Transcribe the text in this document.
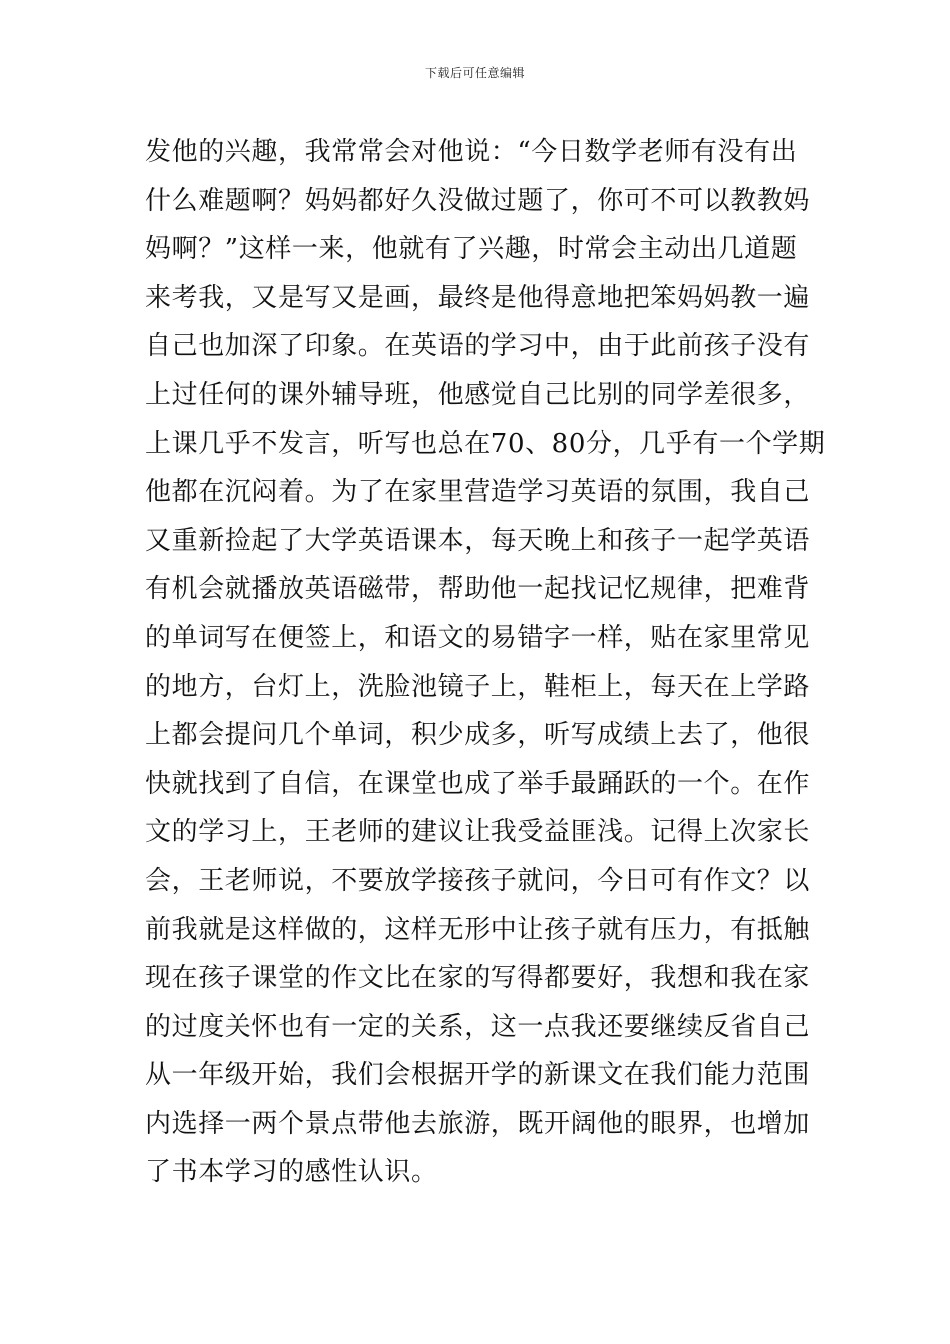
下载后可任意编辑
发他的兴趣，我常常会对他说：“今日数学老师有没有出
什么难题啊？妈妈都好久没做过题了，你可不可以教教妈
妈啊？”这样一来，他就有了兴趣，时常会主动出几道题
来考我，又是写又是画，最终是他得意地把笨妈妈教一遍
自己也加深了印象。在英语的学习中，由于此前孩子没有
上过任何的课外辅导班，他感觉自己比别的同学差很多，
上课几乎不发言，听写也总在70、80分，几乎有一个学期
他都在沉闷着。为了在家里营造学习英语的氛围，我自己
又重新捡起了大学英语课本，每天晚上和孩子一起学英语
有机会就播放英语磁带，帮助他一起找记忆规律，把难背
的单词写在便签上，和语文的易错字一样，贴在家里常见
的地方，台灯上，洗脸池镜子上，鞋柜上，每天在上学路
上都会提问几个单词，积少成多，听写成绩上去了，他很
快就找到了自信，在课堂也成了举手最踊跃的一个。在作
文的学习上，王老师的建议让我受益匪浅。记得上次家长
会，王老师说，不要放学接孩子就问，今日可有作文？以
前我就是这样做的，这样无形中让孩子就有压力，有抵触
现在孩子课堂的作文比在家的写得都要好，我想和我在家
的过度关怀也有一定的关系，这一点我还要继续反省自己
从一年级开始，我们会根据开学的新课文在我们能力范围
内选择一两个景点带他去旅游，既开阔他的眼界，也增加
了书本学习的感性认识。
